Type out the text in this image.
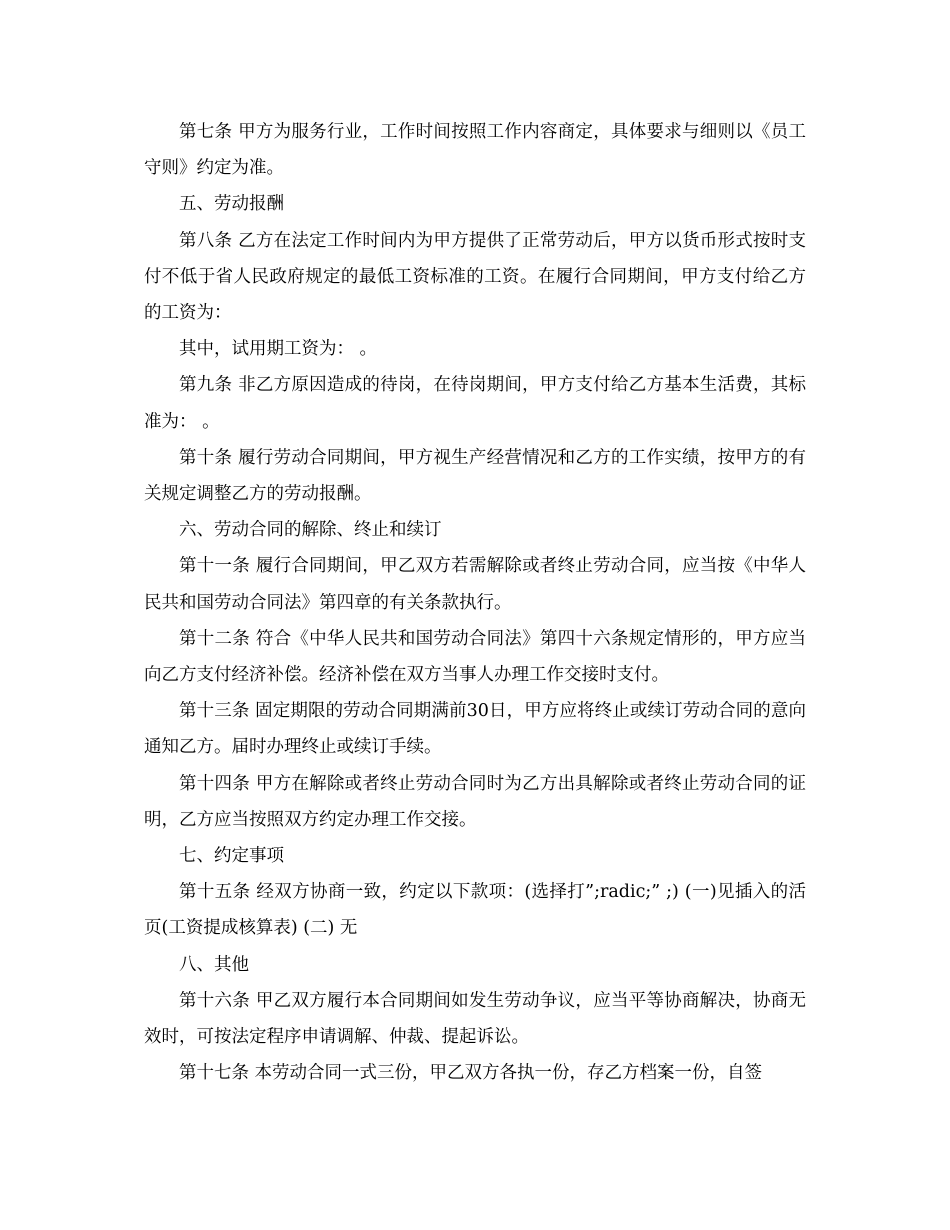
第七条 甲方为服务行业，工作时间按照工作内容商定，具体要求与细则以《员工守则》约定为准。

五、劳动报酬

第八条 乙方在法定工作时间内为甲方提供了正常劳动后，甲方以货币形式按时支付不低于省人民政府规定的最低工资标准的工资。在履行合同期间，甲方支付给乙方的工资为：

其中，试用期工资为： 。

第九条 非乙方原因造成的待岗，在待岗期间，甲方支付给乙方基本生活费，其标准为： 。

第十条 履行劳动合同期间，甲方视生产经营情况和乙方的工作实绩，按甲方的有关规定调整乙方的劳动报酬。

六、劳动合同的解除、终止和续订

第十一条 履行合同期间，甲乙双方若需解除或者终止劳动合同，应当按《中华人民共和国劳动合同法》第四章的有关条款执行。

第十二条 符合《中华人民共和国劳动合同法》第四十六条规定情形的，甲方应当向乙方支付经济补偿。经济补偿在双方当事人办理工作交接时支付。

第十三条 固定期限的劳动合同期满前30日，甲方应将终止或续订劳动合同的意向通知乙方。届时办理终止或续订手续。

第十四条 甲方在解除或者终止劳动合同时为乙方出具解除或者终止劳动合同的证明，乙方应当按照双方约定办理工作交接。

七、约定事项

第十五条 经双方协商一致，约定以下款项：(选择打”;radic;” ;) (一)见插入的活页(工资提成核算表) (二) 无

八、其他

第十六条 甲乙双方履行本合同期间如发生劳动争议，应当平等协商解决，协商无效时，可按法定程序申请调解、仲裁、提起诉讼。

第十七条 本劳动合同一式三份，甲乙双方各执一份，存乙方档案一份，自签
